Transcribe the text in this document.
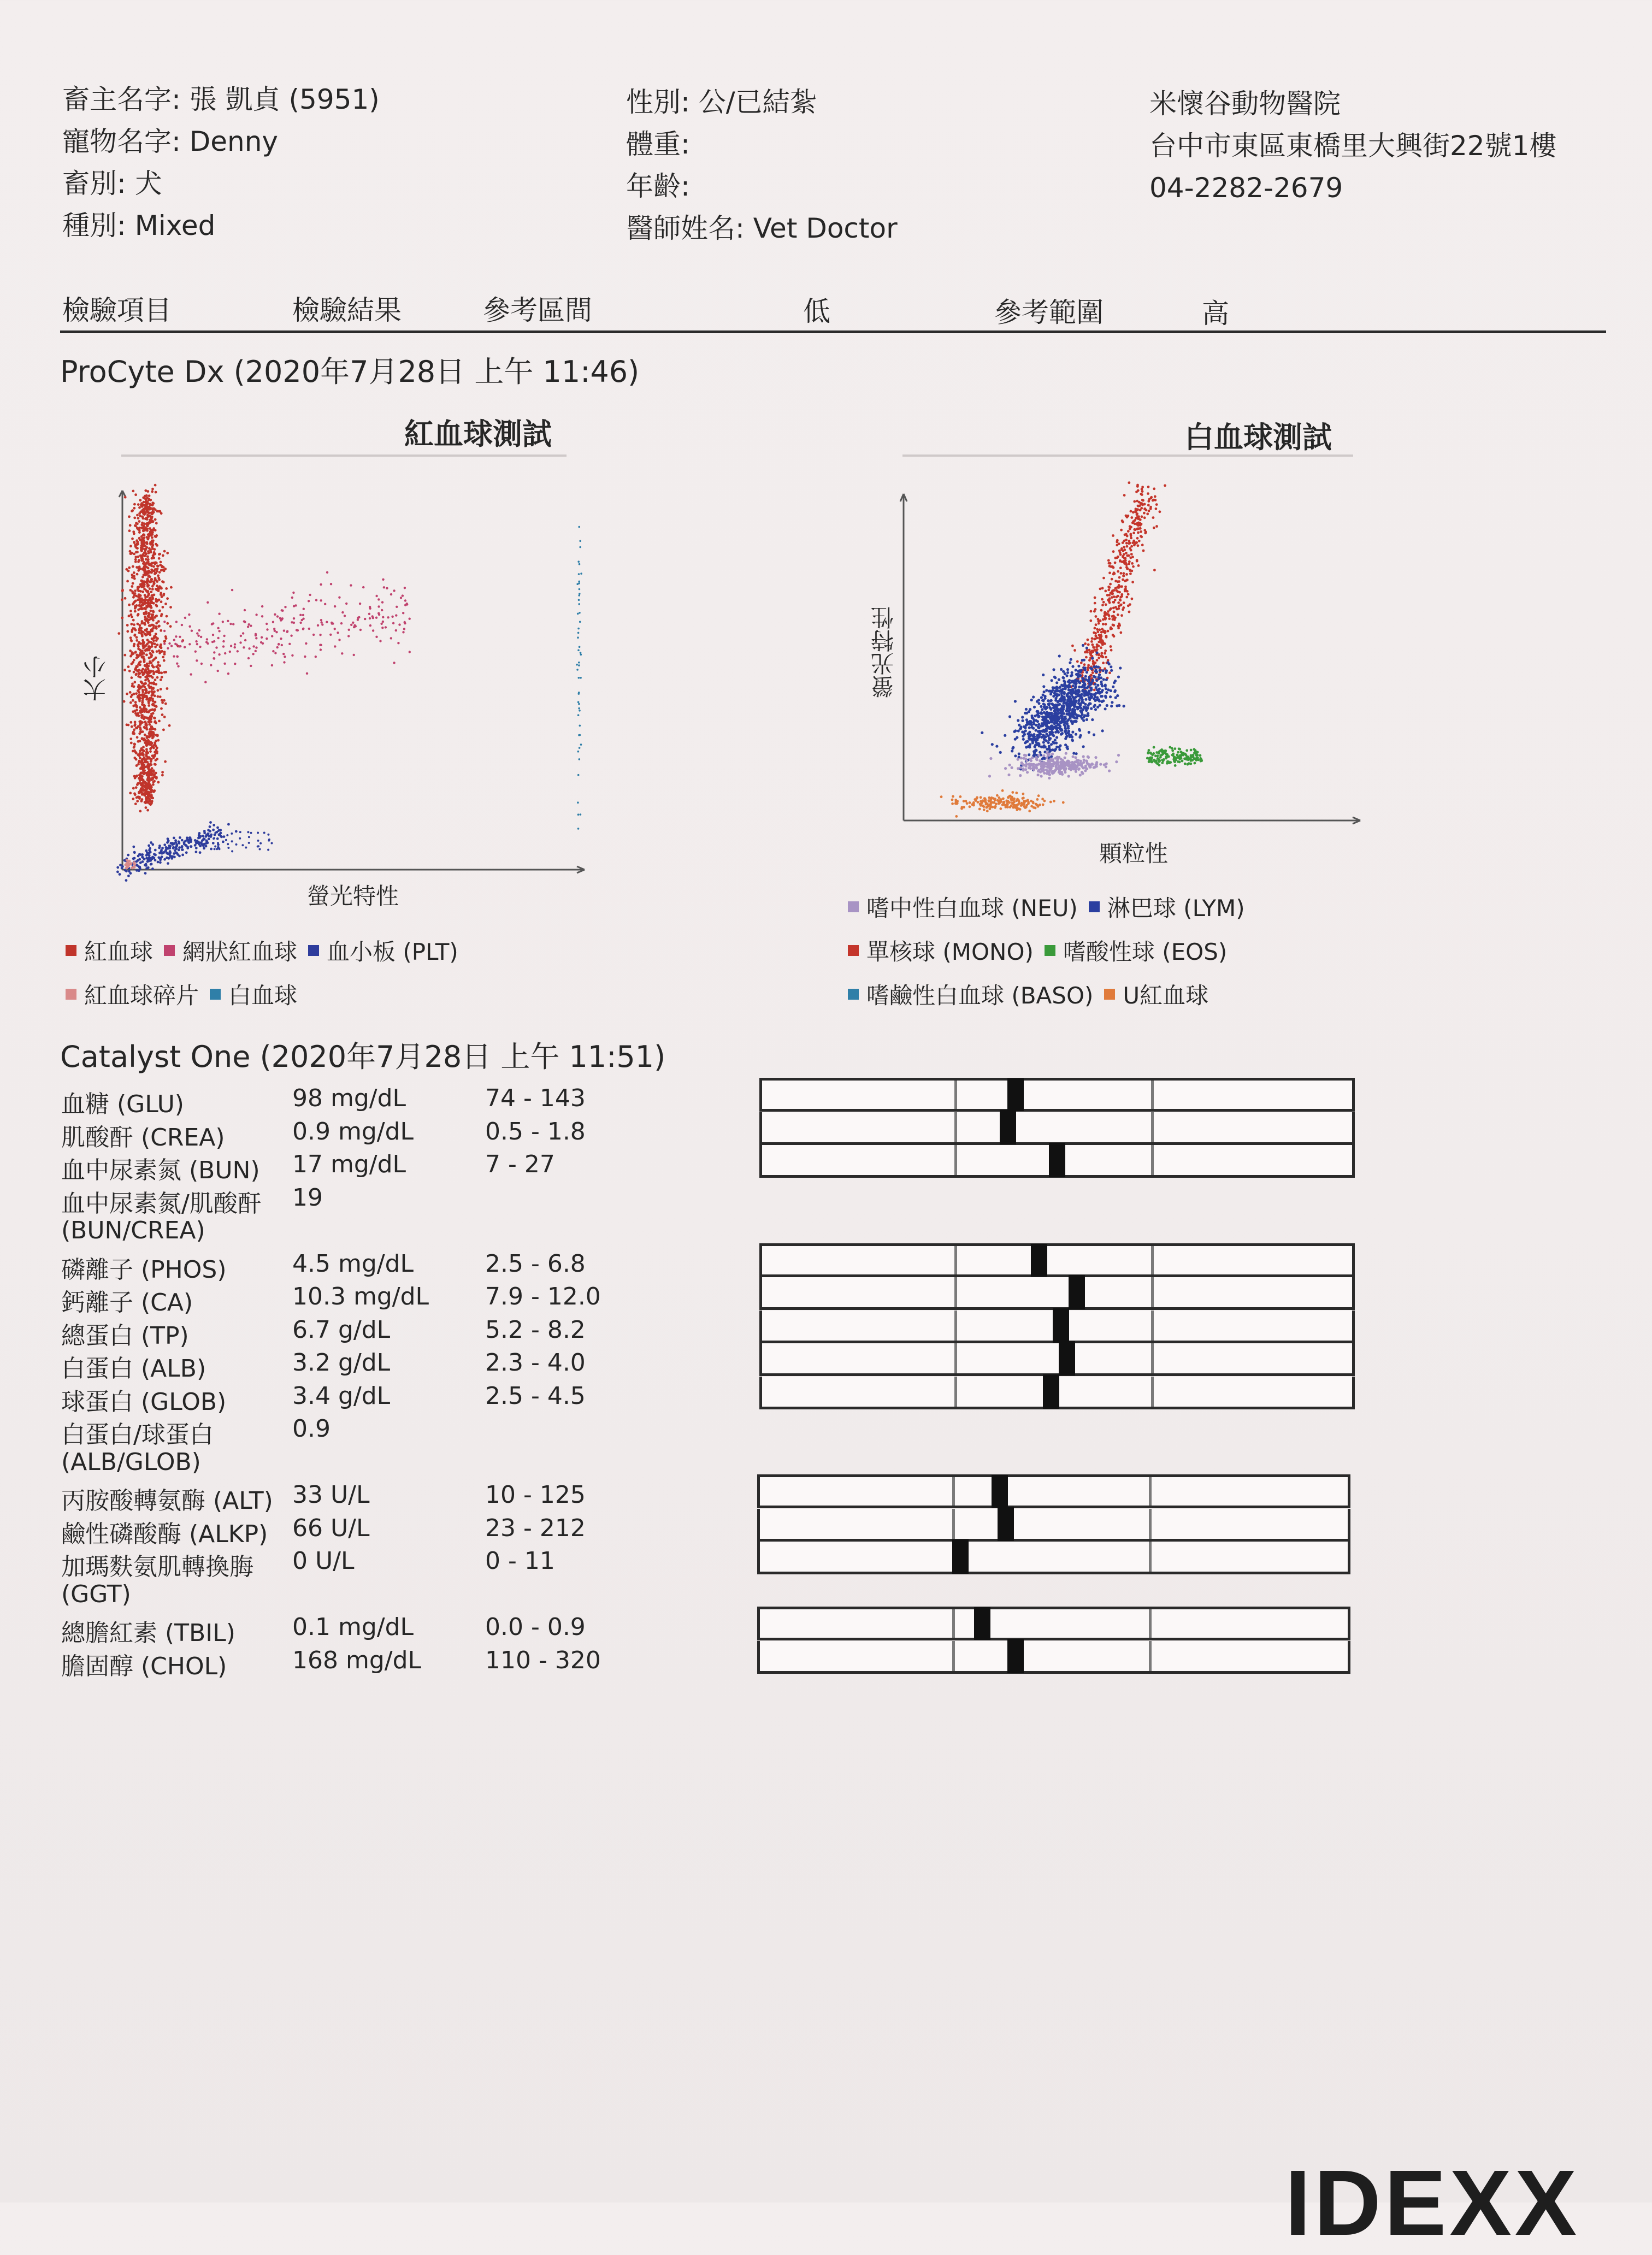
畜主名字: 張 凱貞 (5951)
寵物名字: Denny
畜別: 犬
種別: Mixed
性別: 公/已結紮
體重:
年齡:
醫師姓名: Vet Doctor
米懷谷動物醫院
台中市東區東橋里大興街22號1樓
04-2282-2679
檢驗項目	檢驗結果	參考區間	低	參考範圍	高
ProCyte Dx (2020年7月28日 上午 11:46)
紅血球測試
大小
螢光特性
白血球測試
螢光特性
顆粒性
紅血球 網狀紅血球 血小板 (PLT)
紅血球碎片 白血球
嗜中性白血球 (NEU) 淋巴球 (LYM)
單核球 (MONO) 嗜酸性球 (EOS)
嗜鹼性白血球 (BASO) U紅血球
Catalyst One (2020年7月28日 上午 11:51)
血糖 (GLU)	98 mg/dL	74 - 143
肌酸酐 (CREA)	0.9 mg/dL	0.5 - 1.8
血中尿素氮 (BUN) 17 mg/dL	7 - 27
血中尿素氮/肌酸酐 19
(BUN/CREA)
磷離子 (PHOS)	4.5 mg/dL	2.5 - 6.8
鈣離子 (CA)	10.3 mg/dL 7.9 - 12.0
總蛋白 (TP)	6.7 g/dL	5.2 - 8.2
白蛋白 (ALB)	3.2 g/dL	2.3 - 4.0
球蛋白 (GLOB)	3.4 g/dL	2.5 - 4.5
白蛋白/球蛋白	0.9
(ALB/GLOB)
丙胺酸轉氨酶 (ALT) 33 U/L	10 - 125
鹼性磷酸酶 (ALKP) 66 U/L	23 - 212
加瑪麩氨肌轉換脢 0 U/L	0 - 11
(GGT)
總膽紅素 (TBIL) 0.1 mg/dL	0.0 - 0.9
膽固醇 (CHOL)	168 mg/dL	110 - 320
IDEXX
